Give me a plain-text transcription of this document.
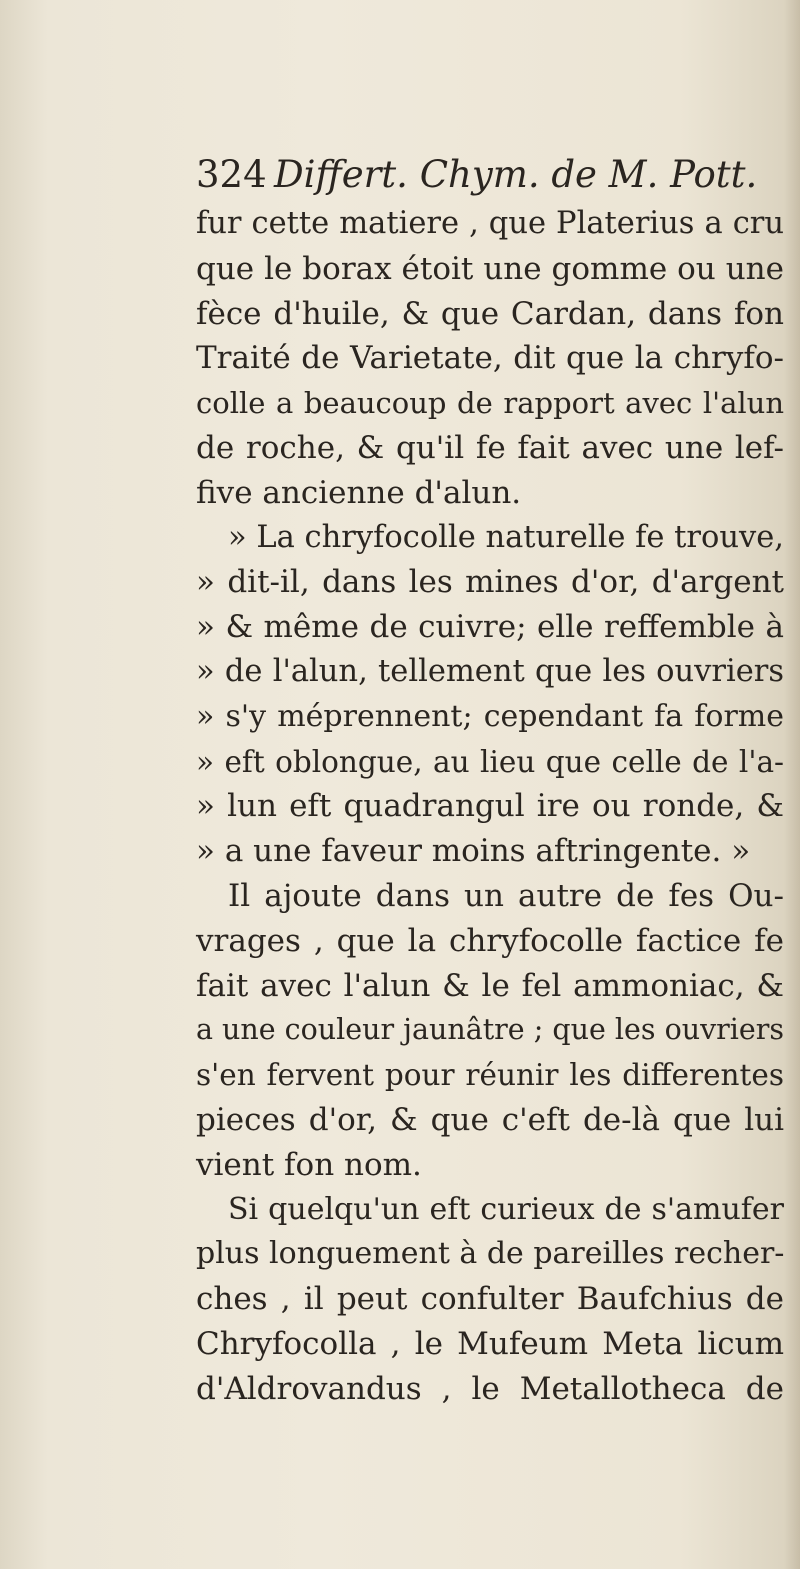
324 Differt. Chym. de M. Pott.
fur cette matiere , que Platerius a cru
que le borax étoit une gomme ou une
fèce d'huile, & que Cardan, dans fon
Traité de Varietate, dit que la chryfo-
colle a beaucoup de rapport avec l'alun
de roche, & qu'il fe fait avec une lef-
five ancienne d'alun.
» La chryfocolle naturelle fe trouve,
» dit-il, dans les mines d'or, d'argent
» & même de cuivre; elle reffemble à
» de l'alun, tellement que les ouvriers
» s'y méprennent; cependant fa forme
» eft oblongue, au lieu que celle de l'a-
» lun eft quadrangul ire ou ronde, &
» a une faveur moins aftringente. »
Il ajoute dans un autre de fes Ou-
vrages , que la chryfocolle factice fe
fait avec l'alun & le fel ammoniac, &
a une couleur jaunâtre ; que les ouvriers
s'en fervent pour réunir les differentes
pieces d'or, & que c'eft de-là que lui
vient fon nom.
Si quelqu'un eft curieux de s'amufer
plus longuement à de pareilles recher-
ches , il peut confulter Baufchius de
Chryfocolla , le Mufeum Meta licum
d'Aldrovandus , le Metallotheca de
